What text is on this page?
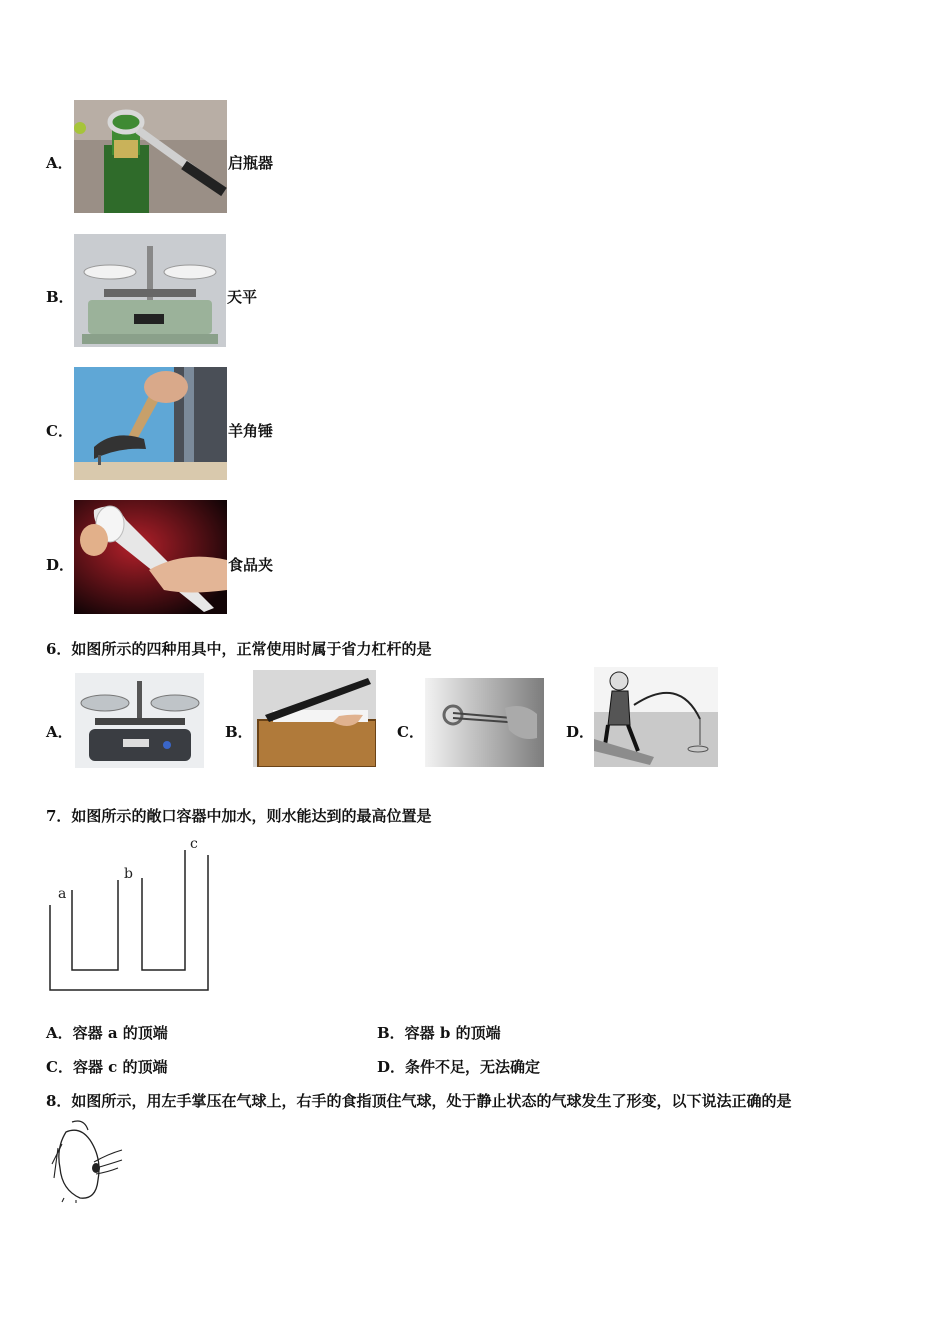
A．	启瓶器
B．	天平
C．	羊角锤
D．	食品夹
6．如图所示的四种用具中，正常使用时属于省力杠杆的是
A．	B．	C．	D．
7．如图所示的敞口容器中加水，则水能达到的最高位置是
a
b
c
A．容器 a 的顶端	B．容器 b 的顶端
C．容器 c 的顶端	D．条件不足，无法确定
8．如图所示，用左手掌压在气球上，右手的食指顶住气球，处于静止状态的气球发生了形变，以下说法正确的是
